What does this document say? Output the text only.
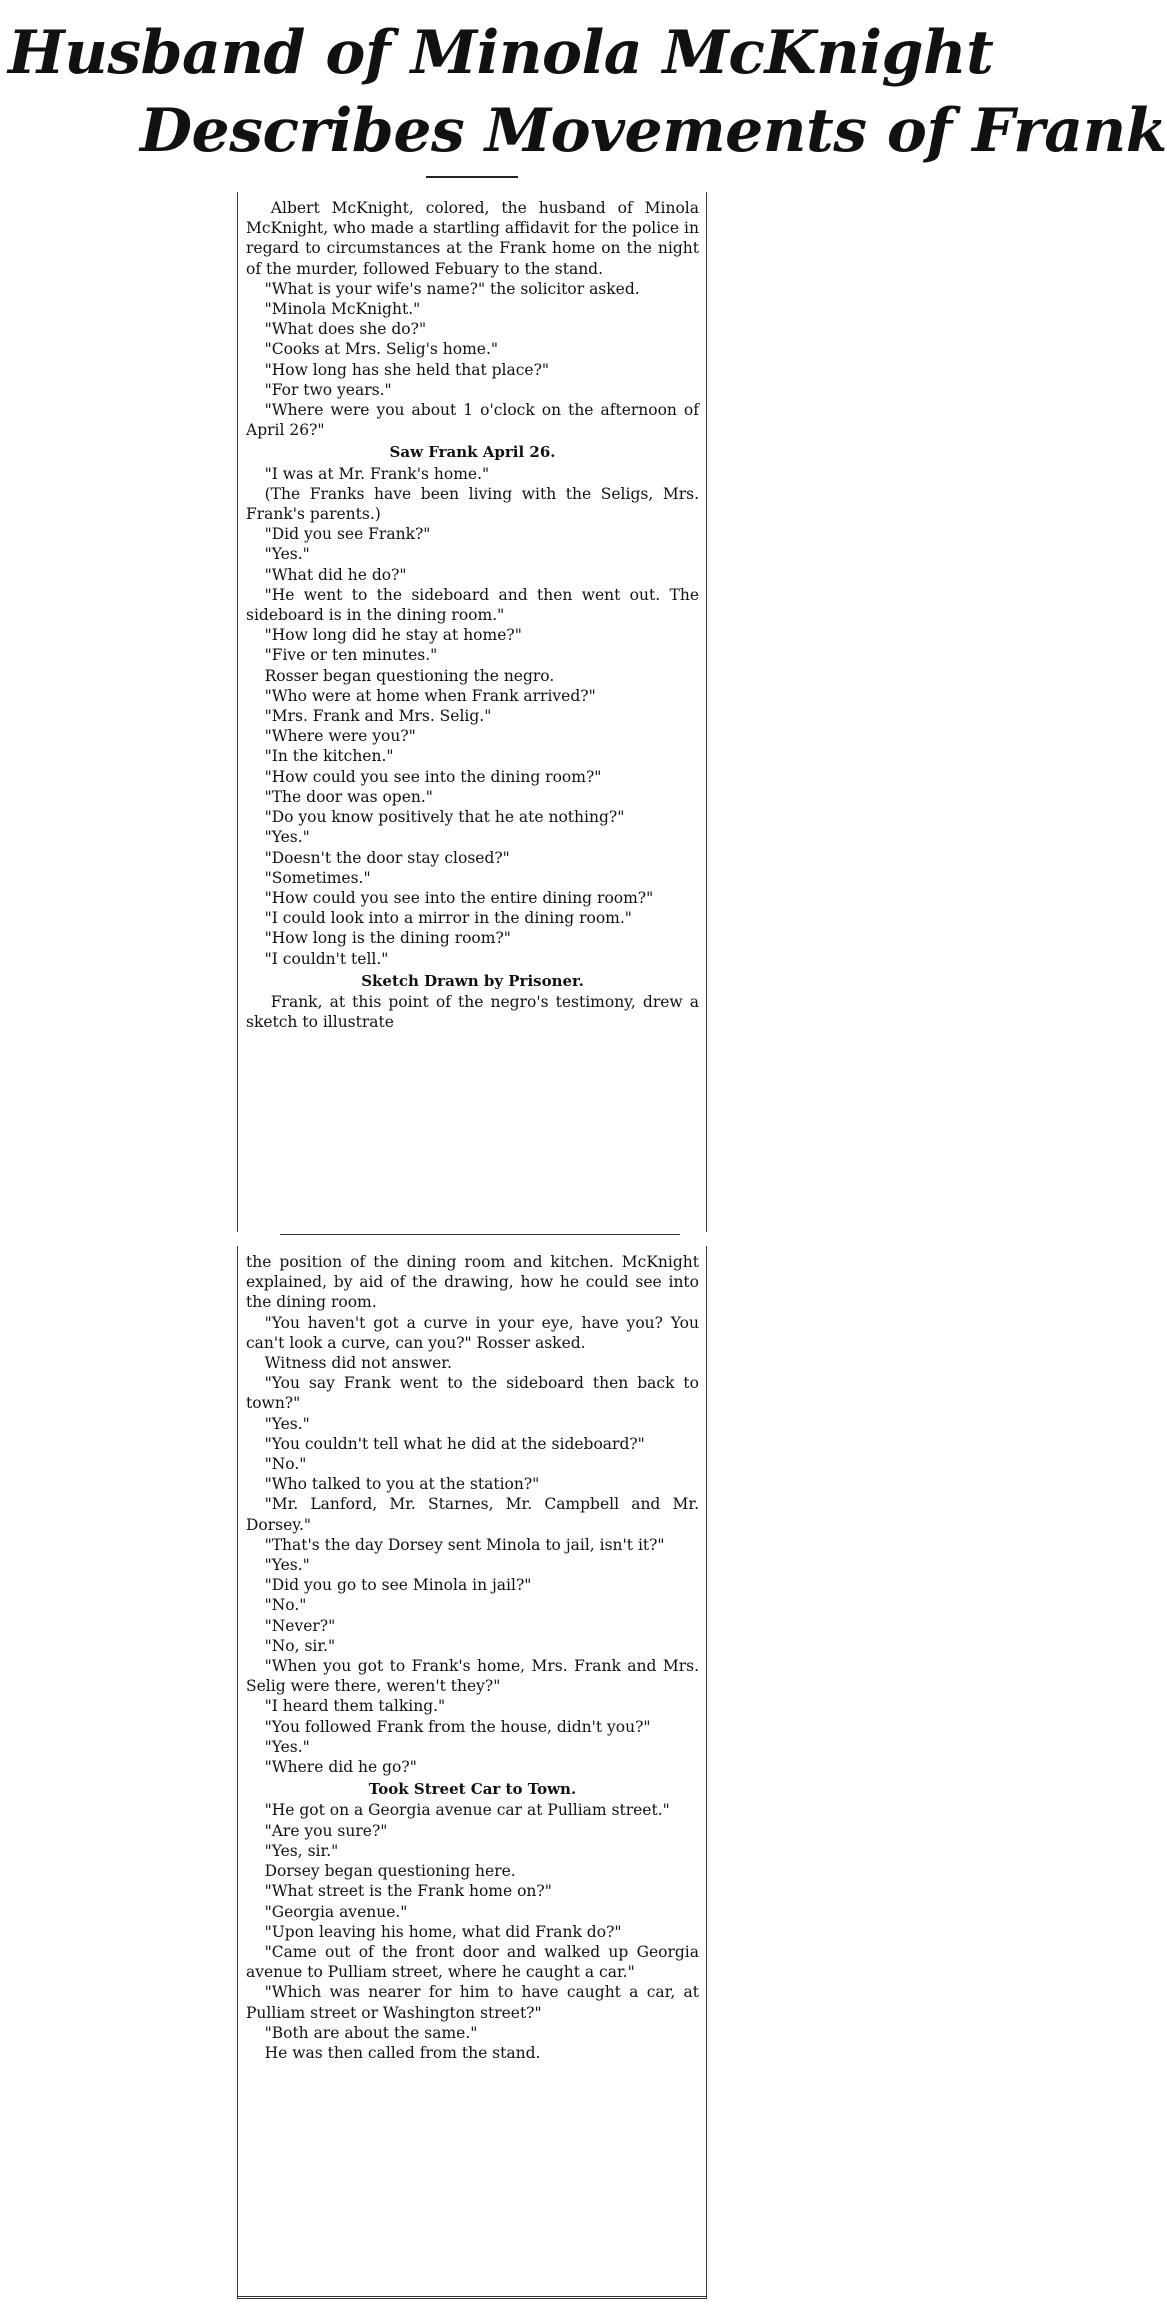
Husband of Minola McKnight
Describes Movements of Frank

Albert McKnight, colored, the husband of Minola McKnight, who made a startling affidavit for the police in regard to circumstances at the Frank home on the night of the murder, followed Febuary to the stand.

"What is your wife's name?" the solicitor asked.

"Minola McKnight."

"What does she do?"

"Cooks at Mrs. Selig's home."

"How long has she held that place?"

"For two years."

"Where were you about 1 o'clock on the afternoon of April 26?"

Saw Frank April 26.

"I was at Mr. Frank's home."

(The Franks have been living with the Seligs, Mrs. Frank's parents.)

"Did you see Frank?"

"Yes."

"What did he do?"

"He went to the sideboard and then went out. The sideboard is in the dining room."

"How long did he stay at home?"

"Five or ten minutes."

Rosser began questioning the negro.

"Who were at home when Frank arrived?"

"Mrs. Frank and Mrs. Selig."

"Where were you?"

"In the kitchen."

"How could you see into the dining room?"

"The door was open."

"Do you know positively that he ate nothing?"

"Yes."

"Doesn't the door stay closed?"

"Sometimes."

"How could you see into the entire dining room?"

"I could look into a mirror in the dining room."

"How long is the dining room?"

"I couldn't tell."

Sketch Drawn by Prisoner.

Frank, at this point of the negro's testimony, drew a sketch to illustrate

the position of the dining room and kitchen. McKnight explained, by aid of the drawing, how he could see into the dining room.

"You haven't got a curve in your eye, have you? You can't look a curve, can you?" Rosser asked.

Witness did not answer.

"You say Frank went to the sideboard then back to town?"

"Yes."

"You couldn't tell what he did at the sideboard?"

"No."

"Who talked to you at the station?"

"Mr. Lanford, Mr. Starnes, Mr. Campbell and Mr. Dorsey."

"That's the day Dorsey sent Minola to jail, isn't it?"

"Yes."

"Did you go to see Minola in jail?"

"No."

"Never?"

"No, sir."

"When you got to Frank's home, Mrs. Frank and Mrs. Selig were there, weren't they?"

"I heard them talking."

"You followed Frank from the house, didn't you?"

"Yes."

"Where did he go?"

Took Street Car to Town.

"He got on a Georgia avenue car at Pulliam street."

"Are you sure?"

"Yes, sir."

Dorsey began questioning here.

"What street is the Frank home on?"

"Georgia avenue."

"Upon leaving his home, what did Frank do?"

"Came out of the front door and walked up Georgia avenue to Pulliam street, where he caught a car."

"Which was nearer for him to have caught a car, at Pulliam street or Washington street?"

"Both are about the same."

He was then called from the stand.
